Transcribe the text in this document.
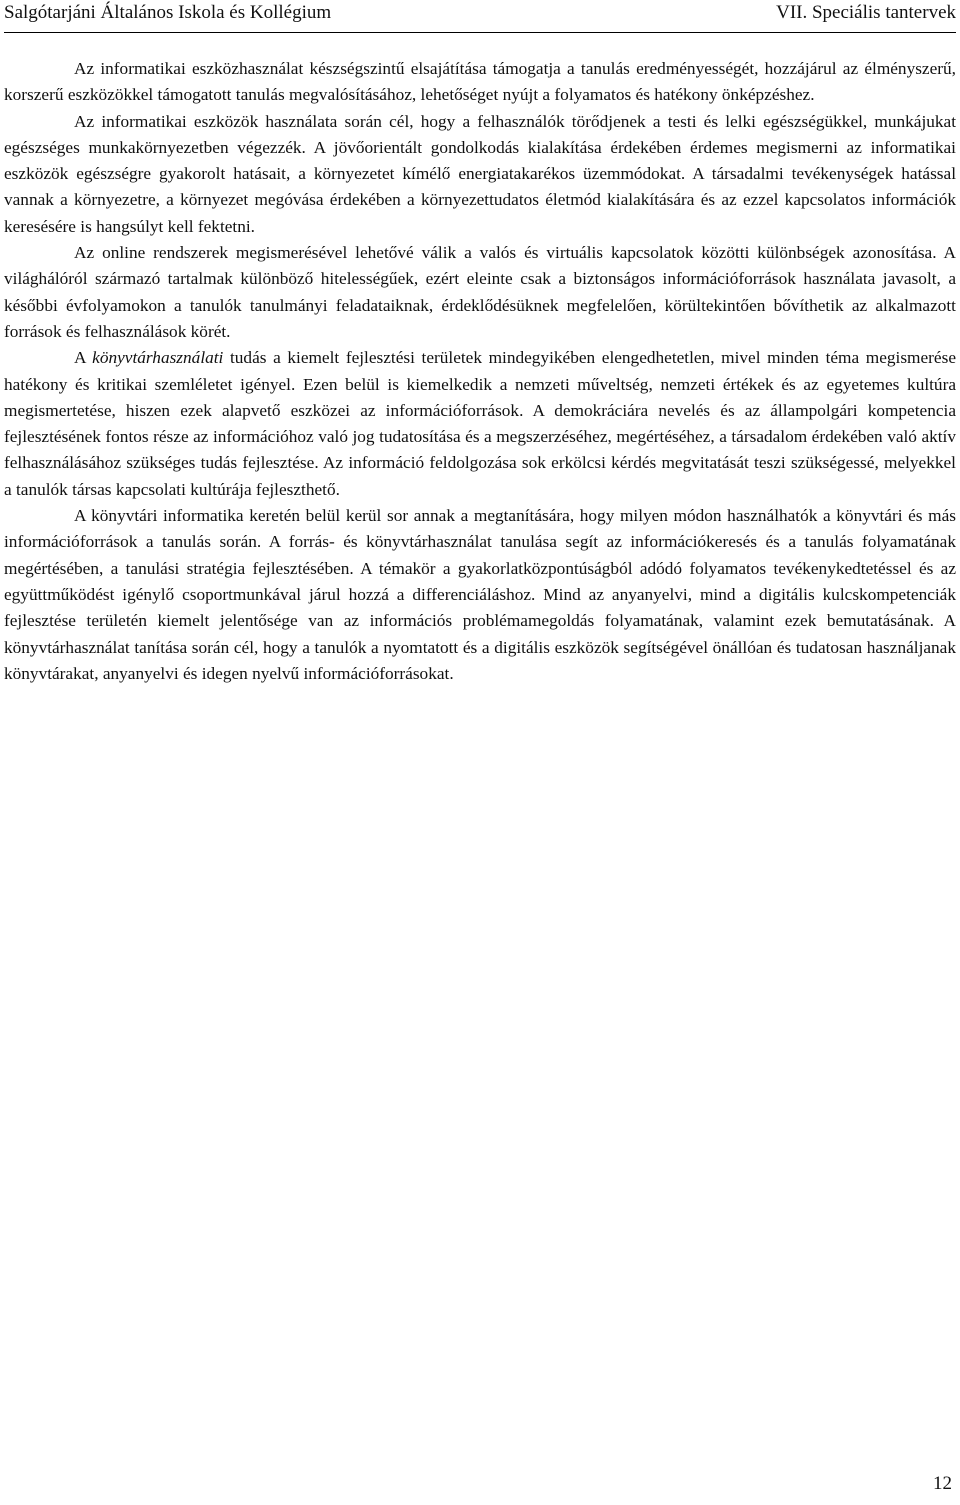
Salgótarjáni Általános Iskola és Kollégium	VII. Speciális tantervek

Az informatikai eszközhasználat készségszintű elsajátítása támogatja a tanulás eredményességét, hozzájárul az élményszerű, korszerű eszközökkel támogatott tanulás megvalósításához, lehetőséget nyújt a folyamatos és hatékony önképzéshez.

Az informatikai eszközök használata során cél, hogy a felhasználók törődjenek a testi és lelki egészségükkel, munkájukat egészséges munkakörnyezetben végezzék. A jövőorientált gondolkodás kialakítása érdekében érdemes megismerni az informatikai eszközök egészségre gyakorolt hatásait, a környezetet kímélő energiatakarékos üzemmódokat. A társadalmi tevékenységek hatással vannak a környezetre, a környezet megóvása érdekében a környezettudatos életmód kialakítására és az ezzel kapcsolatos információk keresésére is hangsúlyt kell fektetni.

Az online rendszerek megismerésével lehetővé válik a valós és virtuális kapcsolatok közötti különbségek azonosítása. A világhálóról származó tartalmak különböző hitelességűek, ezért eleinte csak a biztonságos információforrások használata javasolt, a későbbi évfolyamokon a tanulók tanulmányi feladataiknak, érdeklődésüknek megfelelően, körültekintően bővíthetik az alkalmazott források és felhasználások körét.

A könyvtárhasználati tudás a kiemelt fejlesztési területek mindegyikében elengedhetetlen, mivel minden téma megismerése hatékony és kritikai szemléletet igényel. Ezen belül is kiemelkedik a nemzeti műveltség, nemzeti értékek és az egyetemes kultúra megismertetése, hiszen ezek alapvető eszközei az információforrások. A demokráciára nevelés és az állampolgári kompetencia fejlesztésének fontos része az információhoz való jog tudatosítása és a megszerzéséhez, megértéséhez, a társadalom érdekében való aktív felhasználásához szükséges tudás fejlesztése. Az információ feldolgozása sok erkölcsi kérdés megvitatását teszi szükségessé, melyekkel a tanulók társas kapcsolati kultúrája fejleszthető.

A könyvtári informatika keretén belül kerül sor annak a megtanítására, hogy milyen módon használhatók a könyvtári és más információforrások a tanulás során. A forrás- és könyvtárhasználat tanulása segít az információkeresés és a tanulás folyamatának megértésében, a tanulási stratégia fejlesztésében. A témakör a gyakorlatközpontúságból adódó folyamatos tevékenykedtetéssel és az együttműködést igénylő csoportmunkával járul hozzá a differenciáláshoz. Mind az anyanyelvi, mind a digitális kulcskompetenciák fejlesztése területén kiemelt jelentősége van az információs problémamegoldás folyamatának, valamint ezek bemutatásának. A könyvtárhasználat tanítása során cél, hogy a tanulók a nyomtatott és a digitális eszközök segítségével önállóan és tudatosan használjanak könyvtárakat, anyanyelvi és idegen nyelvű információforrásokat.

12
